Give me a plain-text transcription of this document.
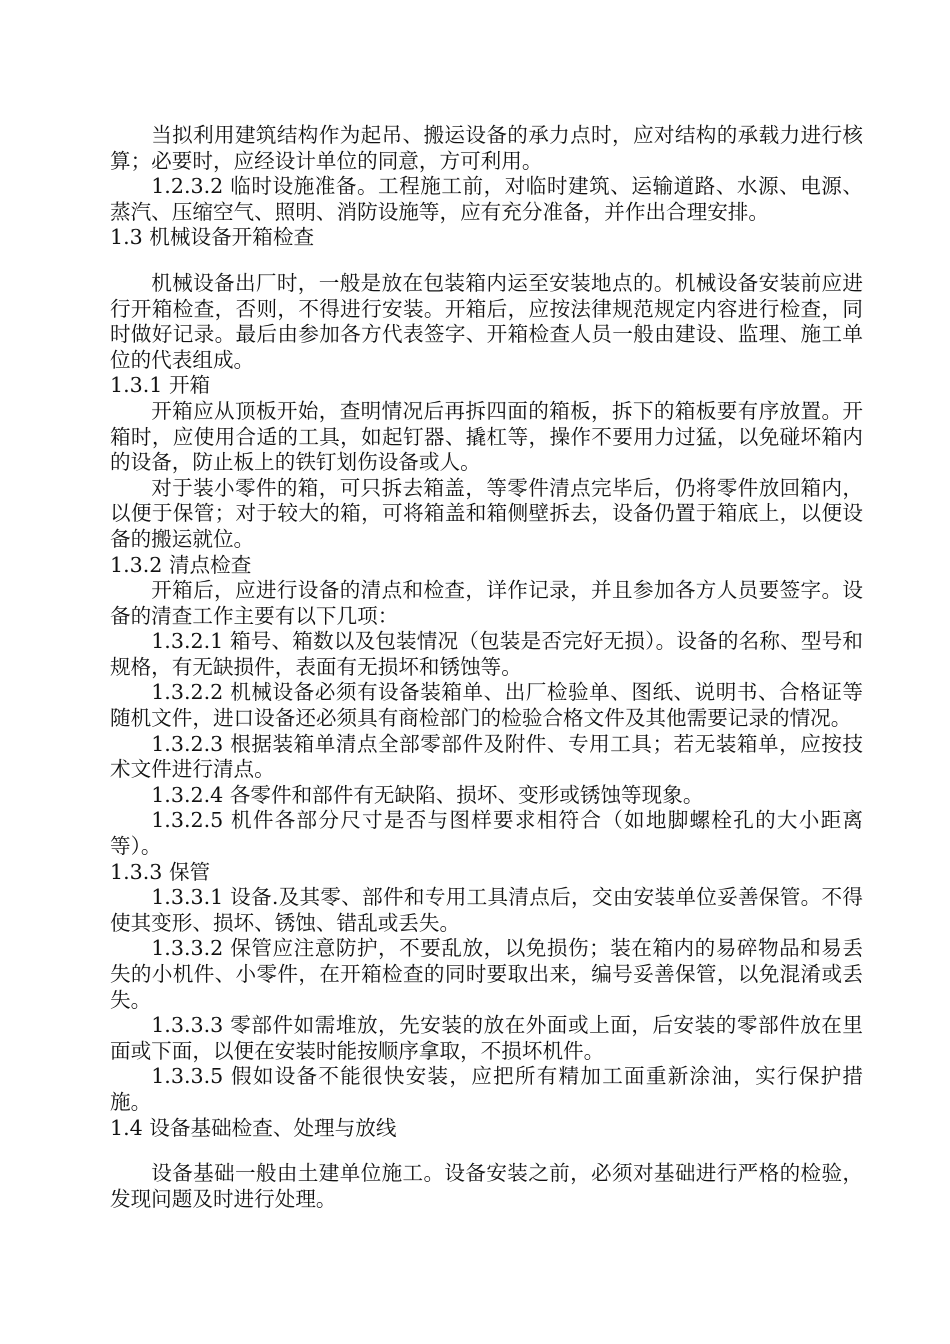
当拟利用建筑结构作为起吊、搬运设备的承力点时，应对结构的承载力进行核算；必要时，应经设计单位的同意，方可利用。

1.2.3.2 临时设施准备。工程施工前，对临时建筑、运输道路、水源、电源、蒸汽、压缩空气、照明、消防设施等，应有充分准备，并作出合理安排。

1.3 机械设备开箱检查

机械设备出厂时，一般是放在包装箱内运至安装地点的。机械设备安装前应进行开箱检查，否则，不得进行安装。开箱后，应按法律规范规定内容进行检查，同时做好记录。最后由参加各方代表签字、开箱检查人员一般由建设、监理、施工单位的代表组成。

1.3.1 开箱

开箱应从顶板开始，查明情况后再拆四面的箱板，拆下的箱板要有序放置。开箱时，应使用合适的工具，如起钉器、撬杠等，操作不要用力过猛，以免碰坏箱内的设备，防止板上的铁钉划伤设备或人。

对于装小零件的箱，可只拆去箱盖，等零件清点完毕后，仍将零件放回箱内，以便于保管；对于较大的箱，可将箱盖和箱侧壁拆去，设备仍置于箱底上，以便设备的搬运就位。

1.3.2 清点检查

开箱后，应进行设备的清点和检查，详作记录，并且参加各方人员要签字。设备的清查工作主要有以下几项：

1.3.2.1 箱号、箱数以及包装情况（包装是否完好无损）。设备的名称、型号和规格，有无缺损件，表面有无损坏和锈蚀等。

1.3.2.2 机械设备必须有设备装箱单、出厂检验单、图纸、说明书、合格证等随机文件，进口设备还必须具有商检部门的检验合格文件及其他需要记录的情况。

1.3.2.3 根据装箱单清点全部零部件及附件、专用工具；若无装箱单，应按技术文件进行清点。

1.3.2.4 各零件和部件有无缺陷、损坏、变形或锈蚀等现象。

1.3.2.5 机件各部分尺寸是否与图样要求相符合（如地脚螺栓孔的大小距离等）。

1.3.3 保管

1.3.3.1 设备.及其零、部件和专用工具清点后，交由安装单位妥善保管。不得使其变形、损坏、锈蚀、错乱或丢失。

1.3.3.2 保管应注意防护，不要乱放，以免损伤；装在箱内的易碎物品和易丢失的小机件、小零件，在开箱检查的同时要取出来，编号妥善保管，以免混淆或丢失。

1.3.3.3 零部件如需堆放，先安装的放在外面或上面，后安装的零部件放在里面或下面，以便在安装时能按顺序拿取，不损坏机件。

1.3.3.5 假如设备不能很快安装，应把所有精加工面重新涂油，实行保护措施。

1.4 设备基础检查、处理与放线

设备基础一般由土建单位施工。设备安装之前，必须对基础进行严格的检验，发现问题及时进行处理。
